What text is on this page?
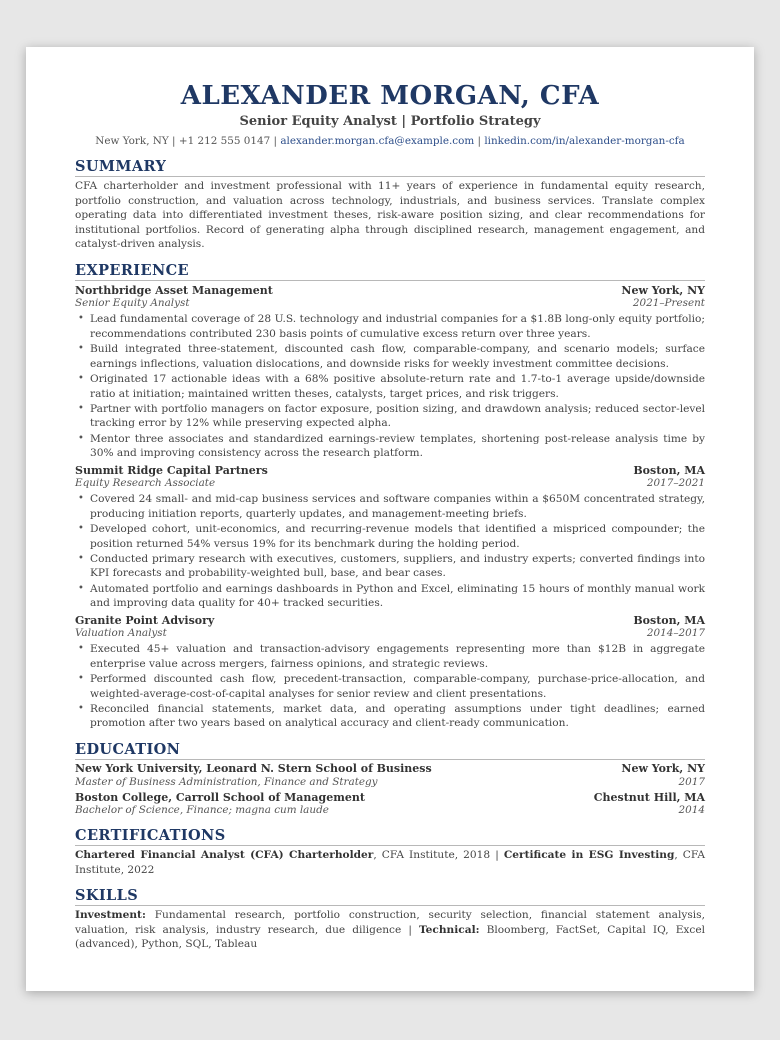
ALEXANDER MORGAN, CFA
Senior Equity Analyst | Portfolio Strategy
New York, NY | +1 212 555 0147 | alexander.morgan.cfa@example.com | linkedin.com/in/alexander-morgan-cfa
SUMMARY
CFA charterholder and investment professional with 11+ years of experience in fundamental equity research, portfolio construction, and valuation across technology, industrials, and business services. Translate complex operating data into differentiated investment theses, risk-aware position sizing, and clear recommendations for institutional portfolios. Record of generating alpha through disciplined research, management engagement, and catalyst-driven analysis.
EXPERIENCE
Northbridge Asset Management	New York, NY
Senior Equity Analyst	2021–Present
• Lead fundamental coverage of 28 U.S. technology and industrial companies for a $1.8B long-only equity portfolio; recommendations contributed 230 basis points of cumulative excess return over three years.
• Build integrated three-statement, discounted cash flow, comparable-company, and scenario models; surface earnings inflections, valuation dislocations, and downside risks for weekly investment committee decisions.
• Originated 17 actionable ideas with a 68% positive absolute-return rate and 1.7-to-1 average upside/downside ratio at initiation; maintained written theses, catalysts, target prices, and risk triggers.
• Partner with portfolio managers on factor exposure, position sizing, and drawdown analysis; reduced sector-level tracking error by 12% while preserving expected alpha.
• Mentor three associates and standardized earnings-review templates, shortening post-release analysis time by 30% and improving consistency across the research platform.
Summit Ridge Capital Partners	Boston, MA
Equity Research Associate	2017–2021
• Covered 24 small- and mid-cap business services and software companies within a $650M concentrated strategy, producing initiation reports, quarterly updates, and management-meeting briefs.
• Developed cohort, unit-economics, and recurring-revenue models that identified a mispriced compounder; the position returned 54% versus 19% for its benchmark during the holding period.
• Conducted primary research with executives, customers, suppliers, and industry experts; converted findings into KPI forecasts and probability-weighted bull, base, and bear cases.
• Automated portfolio and earnings dashboards in Python and Excel, eliminating 15 hours of monthly manual work and improving data quality for 40+ tracked securities.
Granite Point Advisory	Boston, MA
Valuation Analyst	2014–2017
• Executed 45+ valuation and transaction-advisory engagements representing more than $12B in aggregate enterprise value across mergers, fairness opinions, and strategic reviews.
• Performed discounted cash flow, precedent-transaction, comparable-company, purchase-price-allocation, and weighted-average-cost-of-capital analyses for senior review and client presentations.
• Reconciled financial statements, market data, and operating assumptions under tight deadlines; earned promotion after two years based on analytical accuracy and client-ready communication.
EDUCATION
New York University, Leonard N. Stern School of Business	New York, NY
Master of Business Administration, Finance and Strategy	2017
Boston College, Carroll School of Management	Chestnut Hill, MA
Bachelor of Science, Finance; magna cum laude	2014
CERTIFICATIONS
Chartered Financial Analyst (CFA) Charterholder, CFA Institute, 2018 | Certificate in ESG Investing, CFA Institute, 2022
SKILLS
Investment: Fundamental research, portfolio construction, security selection, financial statement analysis, valuation, risk analysis, industry research, due diligence | Technical: Bloomberg, FactSet, Capital IQ, Excel (advanced), Python, SQL, Tableau
